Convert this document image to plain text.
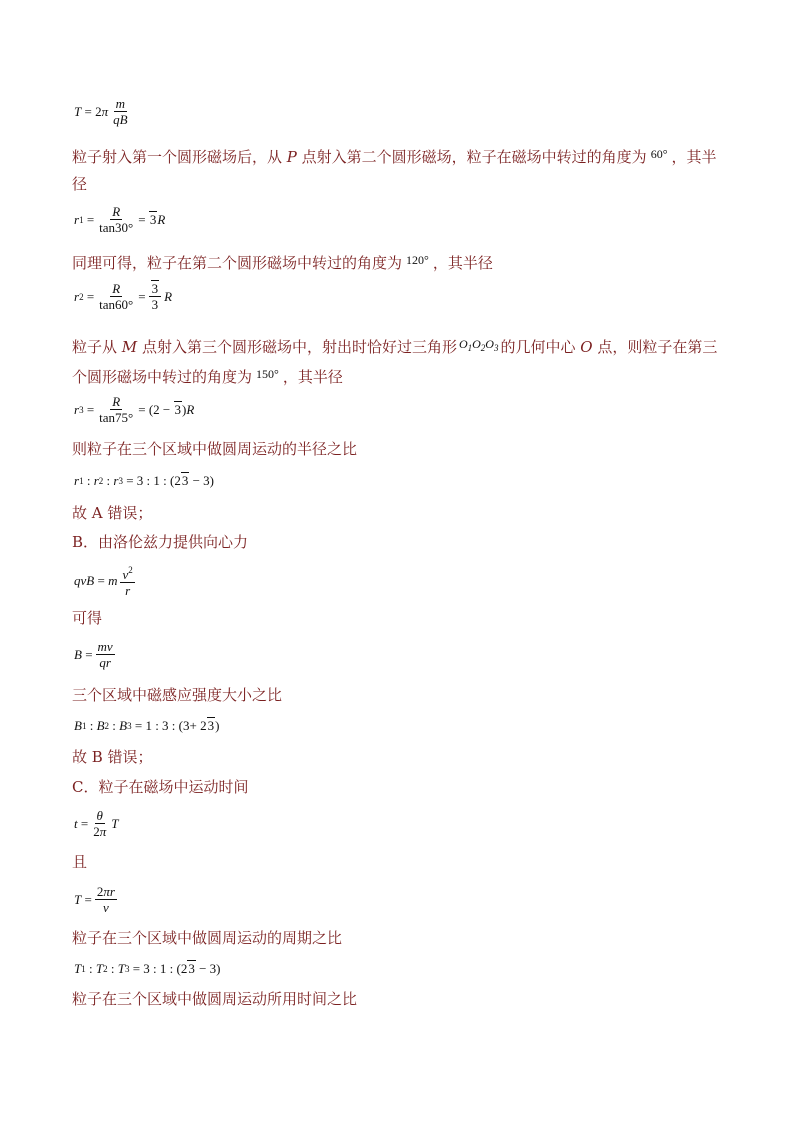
T = 2 π $\frac{m}{qB}$
粒子射入第一个圆形磁场后，从 P 点射入第二个圆形磁场，粒子在磁场中转过的角度为 $^{60^\circ}$ ，其半
径
r $1 = \frac{R}{\tan 30^\circ} = 3$ R
同理可得，粒子在第二个圆形磁场中转过的角度为 $^{120^\circ}$ ，其半径
r $2 = \frac{R}{\tan 60^\circ} = \frac{3}{3}$ R
粒子从 M 点射入第三个圆形磁场中，射出时恰好过三角形 $^{O_1O_2O_3}$ 的几何中心 O 点，则粒子在第三
个圆形磁场中转过的角度为 $^{150^\circ}$ ，其半径
r $3 = \frac{R}{\tan 75^\circ} = (2 - 3$ ) R
则粒子在三个区域中做圆周运动的半径之比
r 1 : r 2 : r 3 = 3 : 1 : (2 3 − 3)
故 A 错误；
B．由洛伦兹力提供向心力
qvB = m $\frac{v^2}{r}$
可得
$B = \frac{mv}{qr}$
三个区域中磁感应强度大小之比
B 1 : B 2 : B 3 = 1 : 3 : (3+ 2 3 )
故 B 错误；
C．粒子在磁场中运动时间
$t = \frac{\theta}{2\pi}$ T
且
$T = \frac{2\pi r}{v}$
粒子在三个区域中做圆周运动的周期之比
T 1 : T 2 : T 3 = 3 : 1 : (2 3 − 3)
粒子在三个区域中做圆周运动所用时间之比
